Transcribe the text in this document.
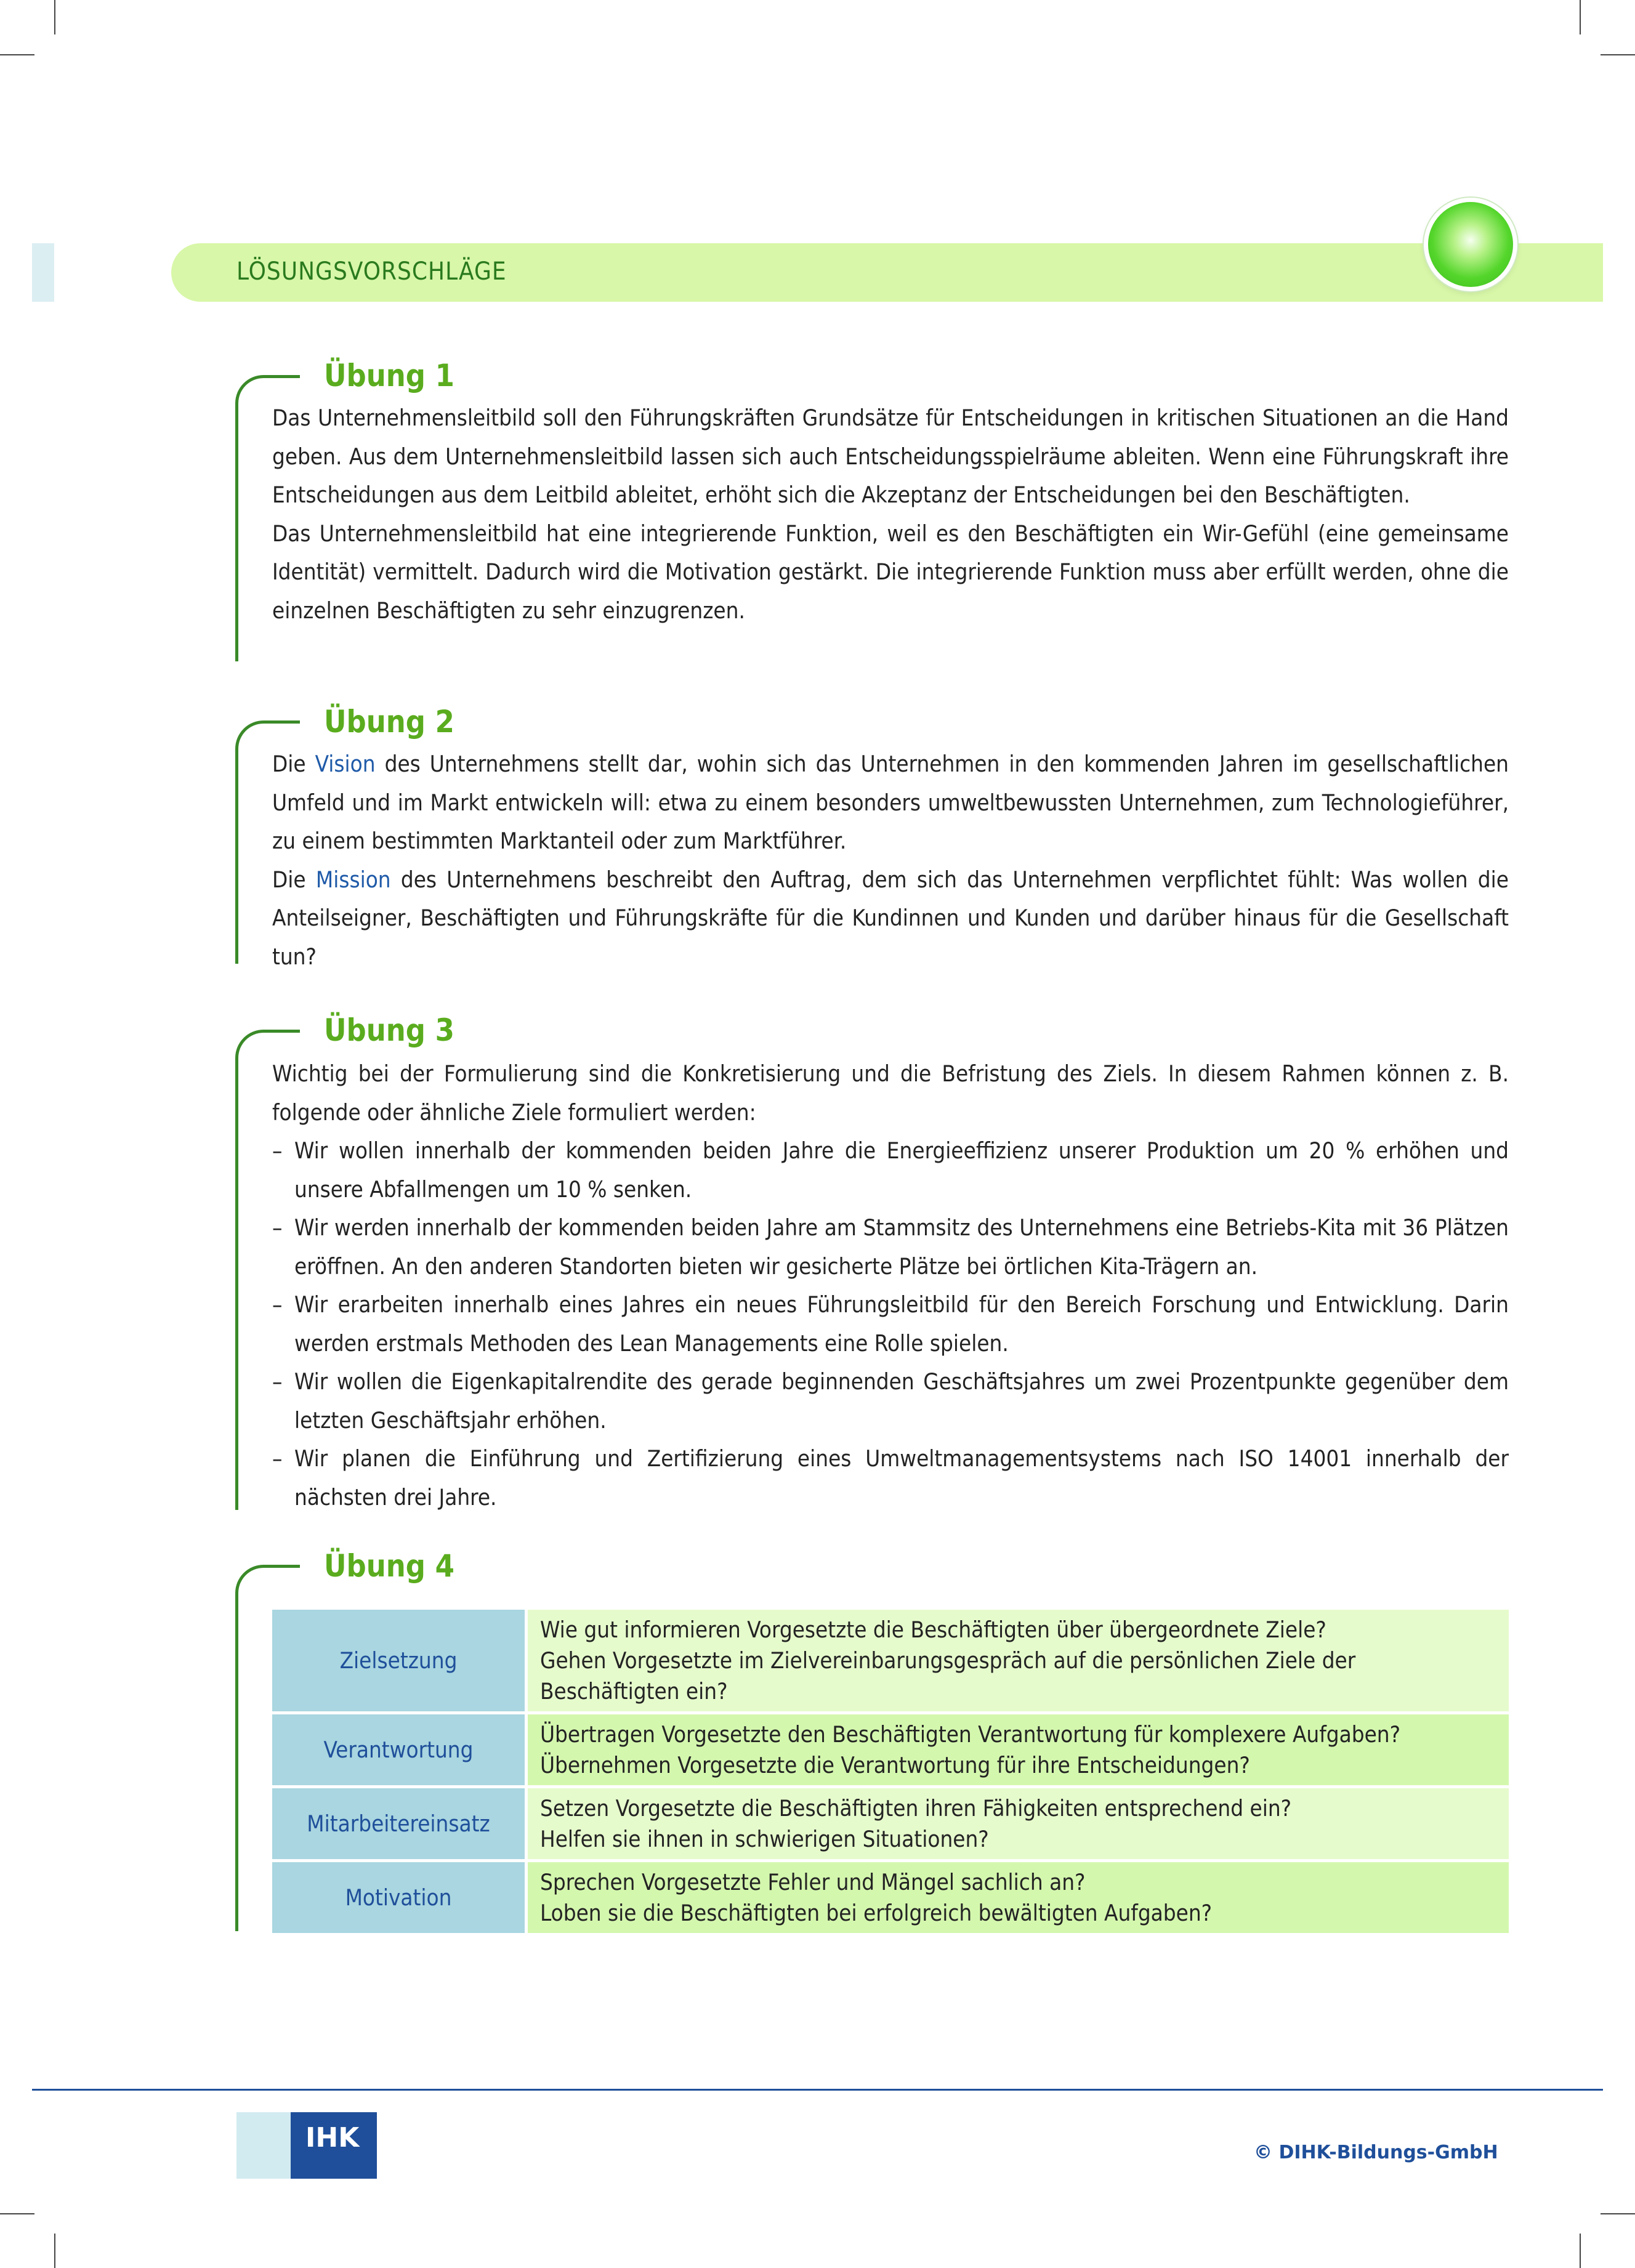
LÖSUNGSVORSCHLÄGE
Übung 1

Das Unternehmensleitbild soll den Führungskräften Grundsätze für Entscheidungen in kritischen Situationen an die Hand geben. Aus dem Unternehmensleitbild lassen sich auch Entscheidungsspielräume ableiten. Wenn eine Führungskraft ihre Entscheidungen aus dem Leitbild ableitet, erhöht sich die Akzeptanz der Entscheidungen bei den Beschäftigten.

Das Unternehmensleitbild hat eine integrierende Funktion, weil es den Beschäftigten ein Wir-Gefühl (eine gemeinsame Identität) vermittelt. Dadurch wird die Motivation gestärkt. Die integrierende Funktion muss aber erfüllt werden, ohne die einzelnen Beschäftigten zu sehr einzugrenzen.

Übung 2

Die Vision des Unternehmens stellt dar, wohin sich das Unternehmen in den kommenden Jahren im gesellschaftlichen Umfeld und im Markt entwickeln will: etwa zu einem besonders umweltbewussten Unternehmen, zum Technologieführer, zu einem bestimmten Marktanteil oder zum Marktführer.

Die Mission des Unternehmens beschreibt den Auftrag, dem sich das Unternehmen verpflichtet fühlt: Was wollen die Anteilseigner, Beschäftigten und Führungskräfte für die Kundinnen und Kunden und darüber hinaus für die Gesellschaft tun?

Übung 3

Wichtig bei der Formulierung sind die Konkretisierung und die Befristung des Ziels. In diesem Rahmen können z. B. folgende oder ähnliche Ziele formuliert werden:

– Wir wollen innerhalb der kommenden beiden Jahre die Energieeffizienz unserer Produktion um 20 % erhöhen und unsere Abfallmengen um 10 % senken.
– Wir werden innerhalb der kommenden beiden Jahre am Stammsitz des Unternehmens eine Betriebs-Kita mit 36 Plätzen eröffnen. An den anderen Standorten bieten wir gesicherte Plätze bei örtlichen Kita-Trägern an.
– Wir erarbeiten innerhalb eines Jahres ein neues Führungsleitbild für den Bereich Forschung und Entwicklung. Darin werden erstmals Methoden des Lean Managements eine Rolle spielen.
– Wir wollen die Eigenkapitalrendite des gerade beginnenden Geschäftsjahres um zwei Prozentpunkte gegenüber dem letzten Geschäftsjahr erhöhen.
– Wir planen die Einführung und Zertifizierung eines Umweltmanagementsystems nach ISO 14001 innerhalb der nächsten drei Jahre.
Übung 4
Zielsetzung	Wie gut informieren Vorgesetzte die Beschäftigten über übergeordnete Ziele?
Gehen Vorgesetzte im Zielvereinbarungsgespräch auf die persönlichen Ziele der Beschäftigten ein?

Verantwortung	Übertragen Vorgesetzte den Beschäftigten Verantwortung für komplexere Aufgaben?
Übernehmen Vorgesetzte die Verantwortung für ihre Entscheidungen?

Mitarbeitereinsatz	Setzen Vorgesetzte die Beschäftigten ihren Fähigkeiten entsprechend ein?
Helfen sie ihnen in schwierigen Situationen?

Motivation	Sprechen Vorgesetzte Fehler und Mängel sachlich an?
Loben sie die Beschäftigten bei erfolgreich bewältigten Aufgaben?
IHK	© DIHK-Bildungs-GmbH
